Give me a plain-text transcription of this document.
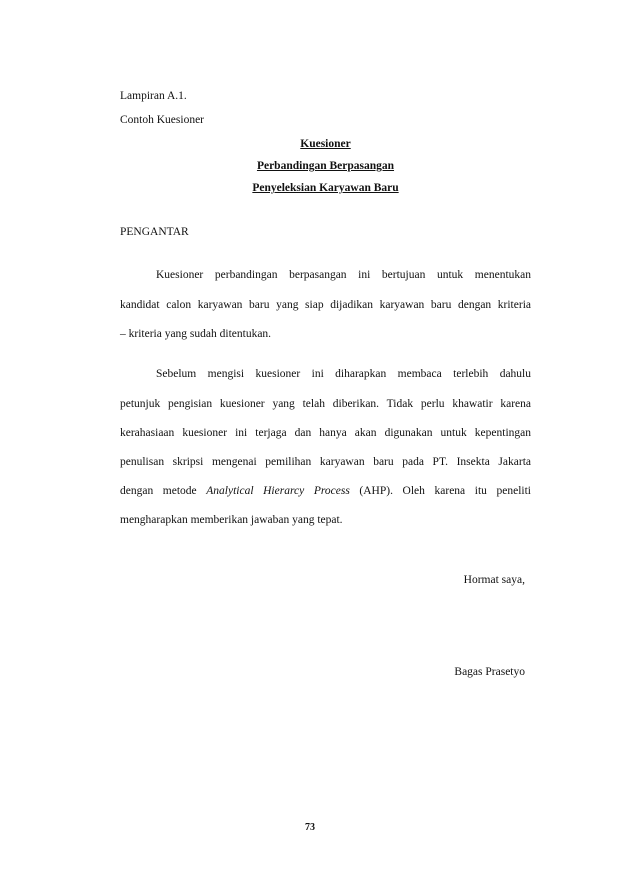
Lampiran A.1.
Contoh Kuesioner
Kuesioner
Perbandingan Berpasangan
Penyeleksian Karyawan Baru
PENGANTAR
Kuesioner perbandingan berpasangan ini bertujuan untuk menentukan
kandidat calon karyawan baru yang siap dijadikan karyawan baru dengan kriteria
– kriteria yang sudah ditentukan.
Sebelum mengisi kuesioner ini diharapkan membaca terlebih dahulu
petunjuk pengisian kuesioner yang telah diberikan. Tidak perlu khawatir karena
kerahasiaan kuesioner ini terjaga dan hanya akan digunakan untuk kepentingan
penulisan skripsi mengenai pemilihan karyawan baru pada PT. Insekta Jakarta
dengan metode Analytical Hierarcy Process (AHP). Oleh karena itu peneliti
mengharapkan memberikan jawaban yang tepat.
Hormat saya,
Bagas Prasetyo
73
